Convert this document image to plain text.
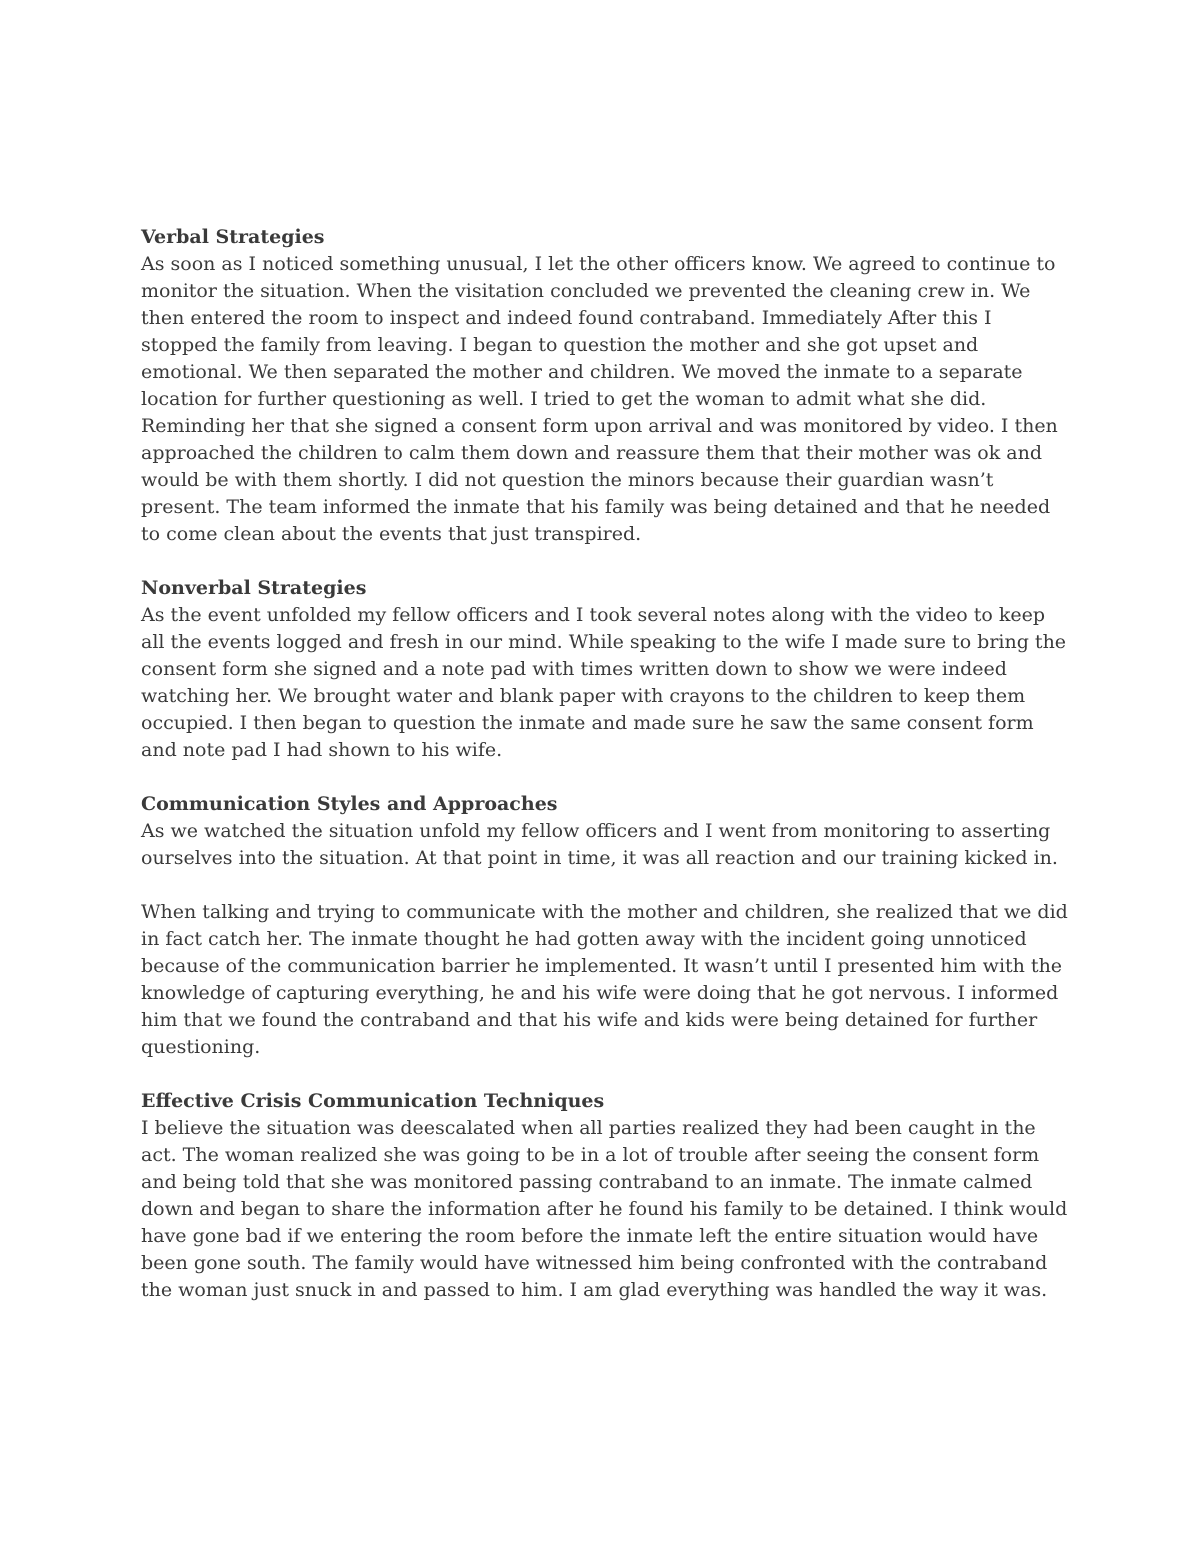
Verbal Strategies

As soon as I noticed something unusual, I let the other officers know. We agreed to continue to monitor the situation. When the visitation concluded we prevented the cleaning crew in. We then entered the room to inspect and indeed found contraband. Immediately After this I stopped the family from leaving. I began to question the mother and she got upset and emotional. We then separated the mother and children. We moved the inmate to a separate location for further questioning as well. I tried to get the woman to admit what she did. Reminding her that she signed a consent form upon arrival and was monitored by video. I then approached the children to calm them down and reassure them that their mother was ok and would be with them shortly. I did not question the minors because their guardian wasn’t present. The team informed the inmate that his family was being detained and that he needed to come clean about the events that just transpired.

Nonverbal Strategies

As the event unfolded my fellow officers and I took several notes along with the video to keep all the events logged and fresh in our mind. While speaking to the wife I made sure to bring the consent form she signed and a note pad with times written down to show we were indeed watching her. We brought water and blank paper with crayons to the children to keep them occupied. I then began to question the inmate and made sure he saw the same consent form and note pad I had shown to his wife.

Communication Styles and Approaches

As we watched the situation unfold my fellow officers and I went from monitoring to asserting ourselves into the situation. At that point in time, it was all reaction and our training kicked in.

When talking and trying to communicate with the mother and children, she realized that we did in fact catch her. The inmate thought he had gotten away with the incident going unnoticed because of the communication barrier he implemented. It wasn’t until I presented him with the knowledge of capturing everything, he and his wife were doing that he got nervous. I informed him that we found the contraband and that his wife and kids were being detained for further questioning.

Effective Crisis Communication Techniques

I believe the situation was deescalated when all parties realized they had been caught in the act. The woman realized she was going to be in a lot of trouble after seeing the consent form and being told that she was monitored passing contraband to an inmate. The inmate calmed down and began to share the information after he found his family to be detained. I think would have gone bad if we entering the room before the inmate left the entire situation would have been gone south. The family would have witnessed him being confronted with the contraband the woman just snuck in and passed to him. I am glad everything was handled the way it was.
